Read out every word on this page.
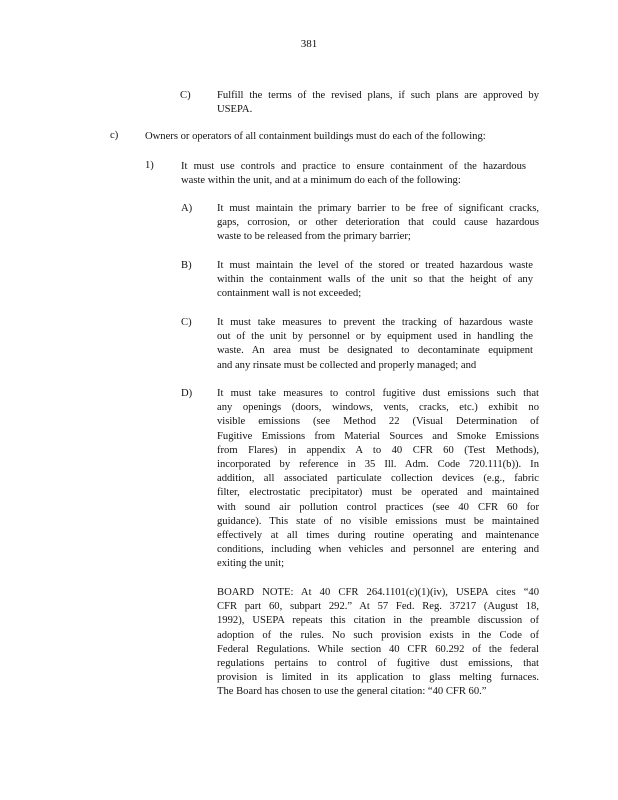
381
C) Fulfill the terms of the revised plans, if such plans are approved by
USEPA.
c)	Owners or operators of all containment buildings must do each of the following:
1)	It must use controls and practice to ensure containment of the hazardous
waste within the unit, and at a minimum do each of the following:
A) It must maintain the primary barrier to be free of significant cracks,
gaps, corrosion, or other deterioration that could cause hazardous
waste to be released from the primary barrier;
B) It must maintain the level of the stored or treated hazardous waste
within the containment walls of the unit so that the height of any
containment wall is not exceeded;
C) It must take measures to prevent the tracking of hazardous waste
out of the unit by personnel or by equipment used in handling the
waste. An area must be designated to decontaminate equipment
and any rinsate must be collected and properly managed; and
D) It must take measures to control fugitive dust emissions such that
any openings (doors, windows, vents, cracks, etc.) exhibit no
visible emissions (see Method 22 (Visual Determination of
Fugitive Emissions from Material Sources and Smoke Emissions
from Flares) in appendix A to 40 CFR 60 (Test Methods),
incorporated by reference in 35 Ill. Adm. Code 720.111(b)). In
addition, all associated particulate collection devices (e.g., fabric
filter, electrostatic precipitator) must be operated and maintained
with sound air pollution control practices (see 40 CFR 60 for
guidance). This state of no visible emissions must be maintained
effectively at all times during routine operating and maintenance
conditions, including when vehicles and personnel are entering and
exiting the unit;
BOARD NOTE: At 40 CFR 264.1101(c)(1)(iv), USEPA cites “40
CFR part 60, subpart 292.” At 57 Fed. Reg. 37217 (August 18,
1992), USEPA repeats this citation in the preamble discussion of
adoption of the rules. No such provision exists in the Code of
Federal Regulations. While section 40 CFR 60.292 of the federal
regulations pertains to control of fugitive dust emissions, that
provision is limited in its application to glass melting furnaces.
The Board has chosen to use the general citation: “40 CFR 60.”
